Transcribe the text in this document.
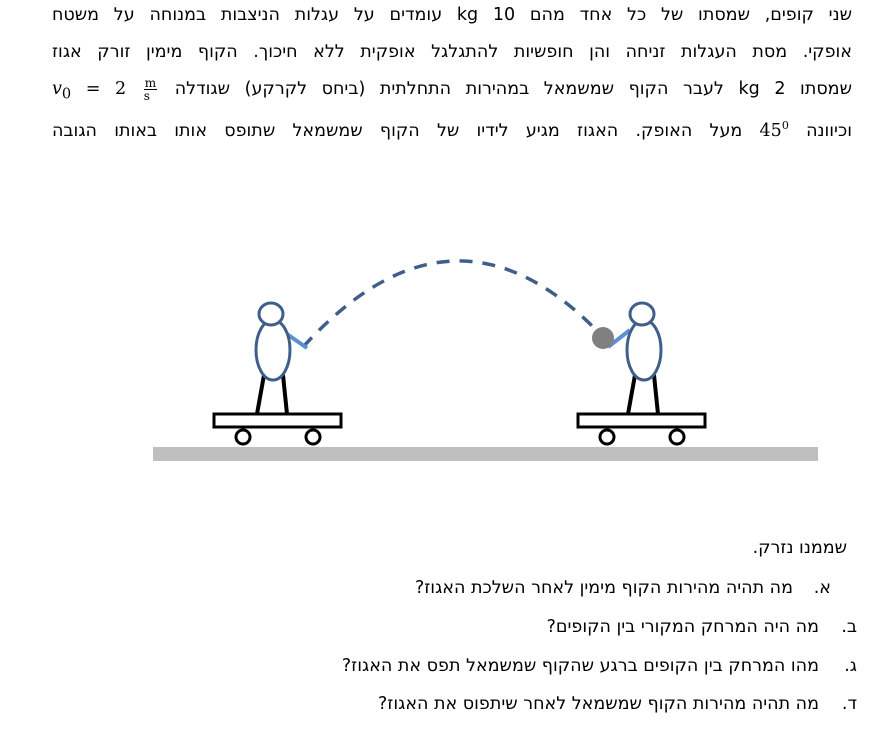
שני קופים, שמסתו של כל אחד מהם 10 kg עומדים על עגלות הניצבות במנוחה על משטח
אופקי. מסת העגלות זניחה והן חופשיות להתגלגל אופקית ללא חיכוך. הקוף מימין זורק אגוז
שמסתו 2 kg לעבר הקוף שמשמאל במהירות התחלתית (ביחס לקרקע) שגודלה $v_0 = 2 \frac{m}{s}$
וכיוונה $45^0$ מעל האופק. האגוז מגיע לידיו של הקוף שמשמאל שתופס אותו באותו הגובה
שממנו נזרק.
א.מה תהיה מהירות הקוף מימין לאחר השלכת האגוז?
ב.מה היה המרחק המקורי בין הקופים?
ג.מהו המרחק בין הקופים ברגע שהקוף שמשמאל תפס את האגוז?
ד.מה תהיה מהירות הקוף שמשמאל לאחר שיתפוס את האגוז?
